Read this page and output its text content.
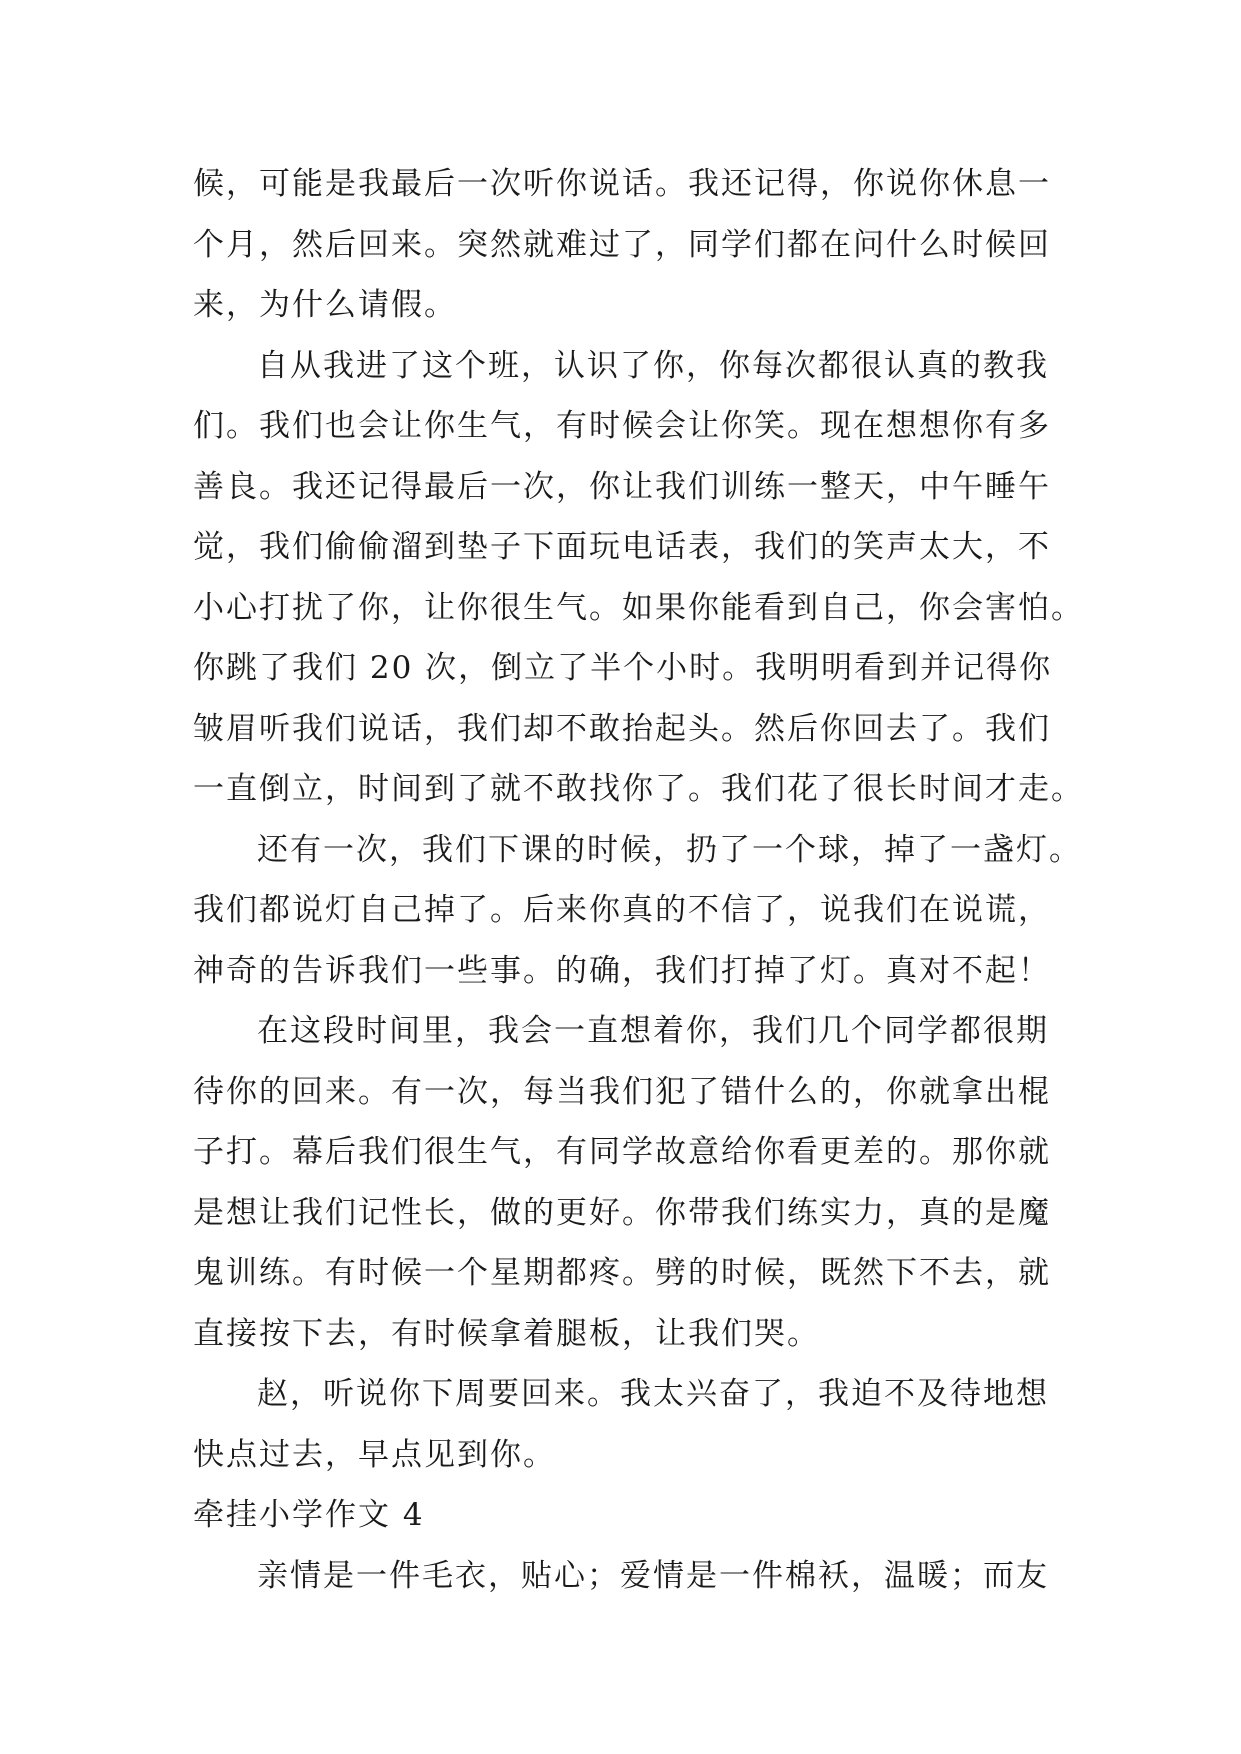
候，可能是我最后一次听你说话。我还记得，你说你休息一
个月，然后回来。突然就难过了，同学们都在问什么时候回
来，为什么请假。
自从我进了这个班，认识了你，你每次都很认真的教我
们。我们也会让你生气，有时候会让你笑。现在想想你有多
善良。我还记得最后一次，你让我们训练一整天，中午睡午
觉，我们偷偷溜到垫子下面玩电话表，我们的笑声太大，不
小心打扰了你，让你很生气。如果你能看到自己，你会害怕。
你跳了我们 20 次，倒立了半个小时。我明明看到并记得你
皱眉听我们说话，我们却不敢抬起头。然后你回去了。我们
一直倒立，时间到了就不敢找你了。我们花了很长时间才走。
还有一次，我们下课的时候，扔了一个球，掉了一盏灯。
我们都说灯自己掉了。后来你真的不信了，说我们在说谎，
神奇的告诉我们一些事。的确，我们打掉了灯。真对不起！
在这段时间里，我会一直想着你，我们几个同学都很期
待你的回来。有一次，每当我们犯了错什么的，你就拿出棍
子打。幕后我们很生气，有同学故意给你看更差的。那你就
是想让我们记性长，做的更好。你带我们练实力，真的是魔
鬼训练。有时候一个星期都疼。劈的时候，既然下不去，就
直接按下去，有时候拿着腿板，让我们哭。
赵，听说你下周要回来。我太兴奋了，我迫不及待地想
快点过去，早点见到你。
牵挂小学作文 4
亲情是一件毛衣，贴心；爱情是一件棉袄，温暖；而友
